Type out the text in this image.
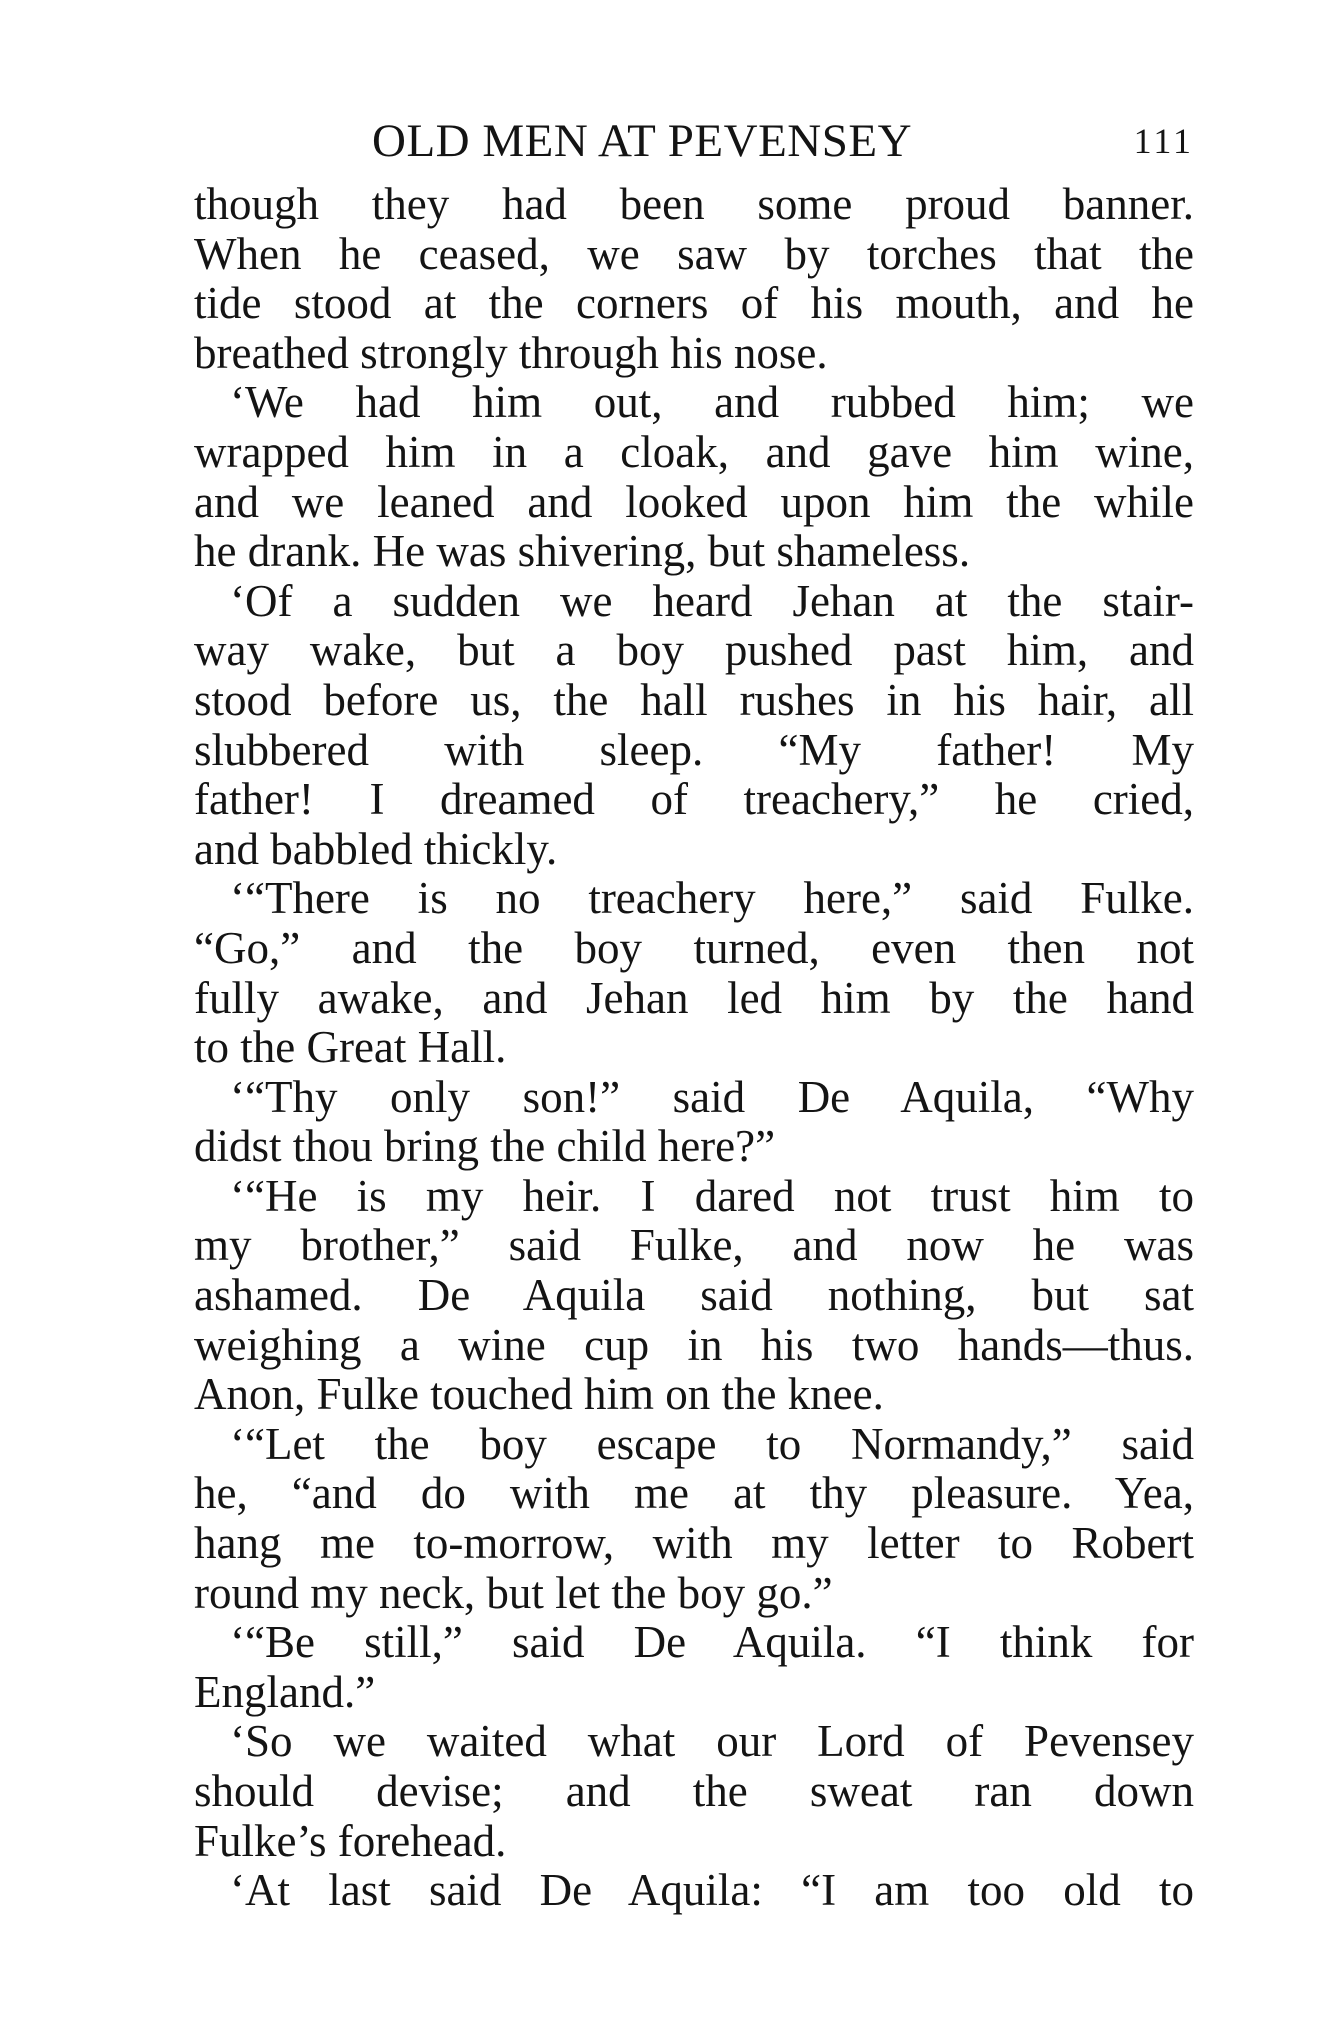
OLD MEN AT PEVENSEY	111
though they had been some proud banner.
When he ceased, we saw by torches that the
tide stood at the corners of his mouth, and he
breathed strongly through his nose.
‘We had him out, and rubbed him; we
wrapped him in a cloak, and gave him wine,
and we leaned and looked upon him the while
he drank. He was shivering, but shameless.
‘Of a sudden we heard Jehan at the stair-
way wake, but a boy pushed past him, and
stood before us, the hall rushes in his hair, all
slubbered with sleep. “My father! My
father! I dreamed of treachery,” he cried,
and babbled thickly.
‘“There is no treachery here,” said Fulke.
“Go,” and the boy turned, even then not
fully awake, and Jehan led him by the hand
to the Great Hall.
‘“Thy only son!” said De Aquila, “Why
didst thou bring the child here?”
‘“He is my heir. I dared not trust him to
my brother,” said Fulke, and now he was
ashamed. De Aquila said nothing, but sat
weighing a wine cup in his two hands—thus.
Anon, Fulke touched him on the knee.
‘“Let the boy escape to Normandy,” said
he, “and do with me at thy pleasure. Yea,
hang me to-morrow, with my letter to Robert
round my neck, but let the boy go.”
‘“Be still,” said De Aquila. “I think for
England.”
‘So we waited what our Lord of Pevensey
should devise; and the sweat ran down
Fulke’s forehead.
‘At last said De Aquila: “I am too old to
